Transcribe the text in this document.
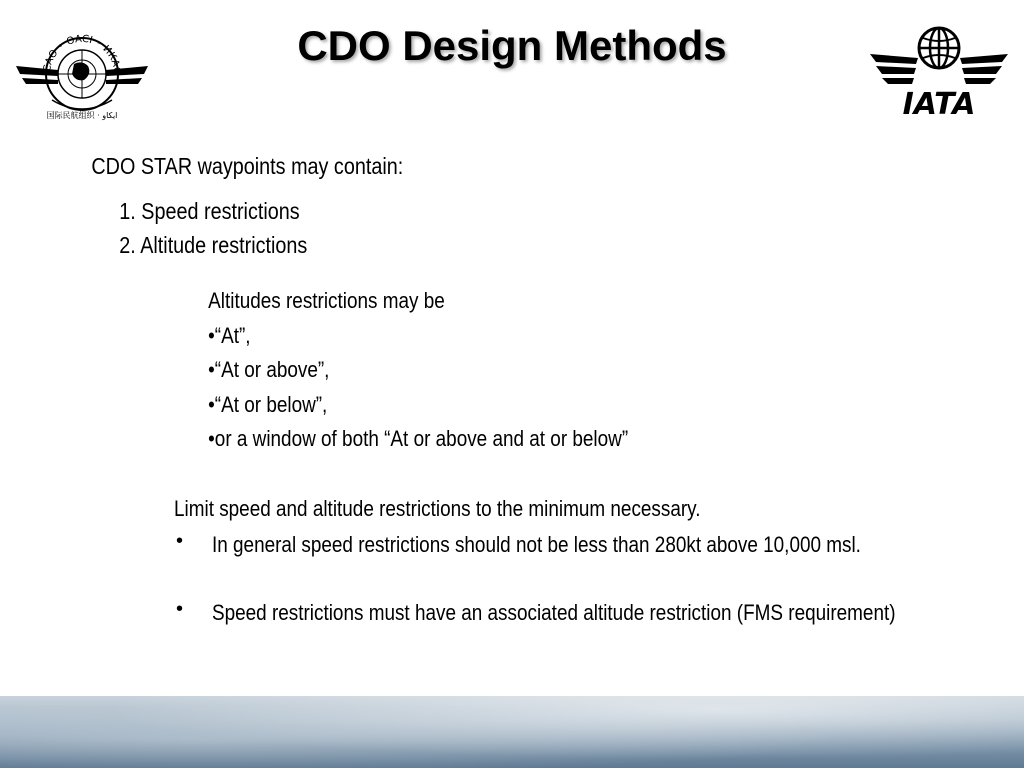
CDO Design Methods
ICAO ◦ OACI ◦ ИКАО
国际民航组织 · ايكاو	IATA
CDO STAR waypoints may contain:
1. Speed restrictions
2. Altitude restrictions
Altitudes restrictions may be
•“At”,
•“At or above”,
•“At or below”,
•or a window of both “At or above and at or below”
Limit speed and altitude restrictions to the minimum necessary.
• In general speed restrictions should not be less than 280kt above 10,000 msl.
• Speed restrictions must have an associated altitude restriction (FMS requirement)
